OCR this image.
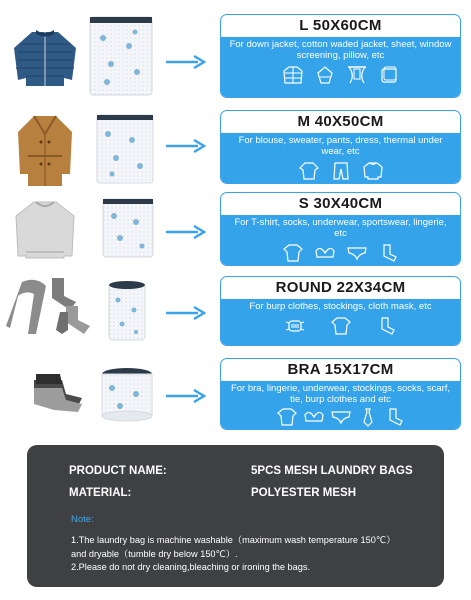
L 50X60CM
For down jacket, cotton waded jacket, sheet, window screening, pillow, etc
M 40X50CM
For blouse, sweater, pants, dress, thermal under wear, etc
S 30X40CM
For T-shirt, socks, underwear, sportswear, lingerie, etc
ROUND 22X34CM
For burp clothes, stockings, cloth mask, etc
BRA 15X17CM
For bra, lingerie, underwear, stockings, socks, scarf, tie, burp clothes and etc
PRODUCT NAME:	5PCS MESH LAUNDRY BAGS
MATERIAL:	POLYESTER MESH
Note:
1.The laundry bag is machine washable（maximum wash temperature 150℃）
and dryable（tumble dry below 150℃）.
2.Please do not dry cleaning,bleaching or ironing the bags.
